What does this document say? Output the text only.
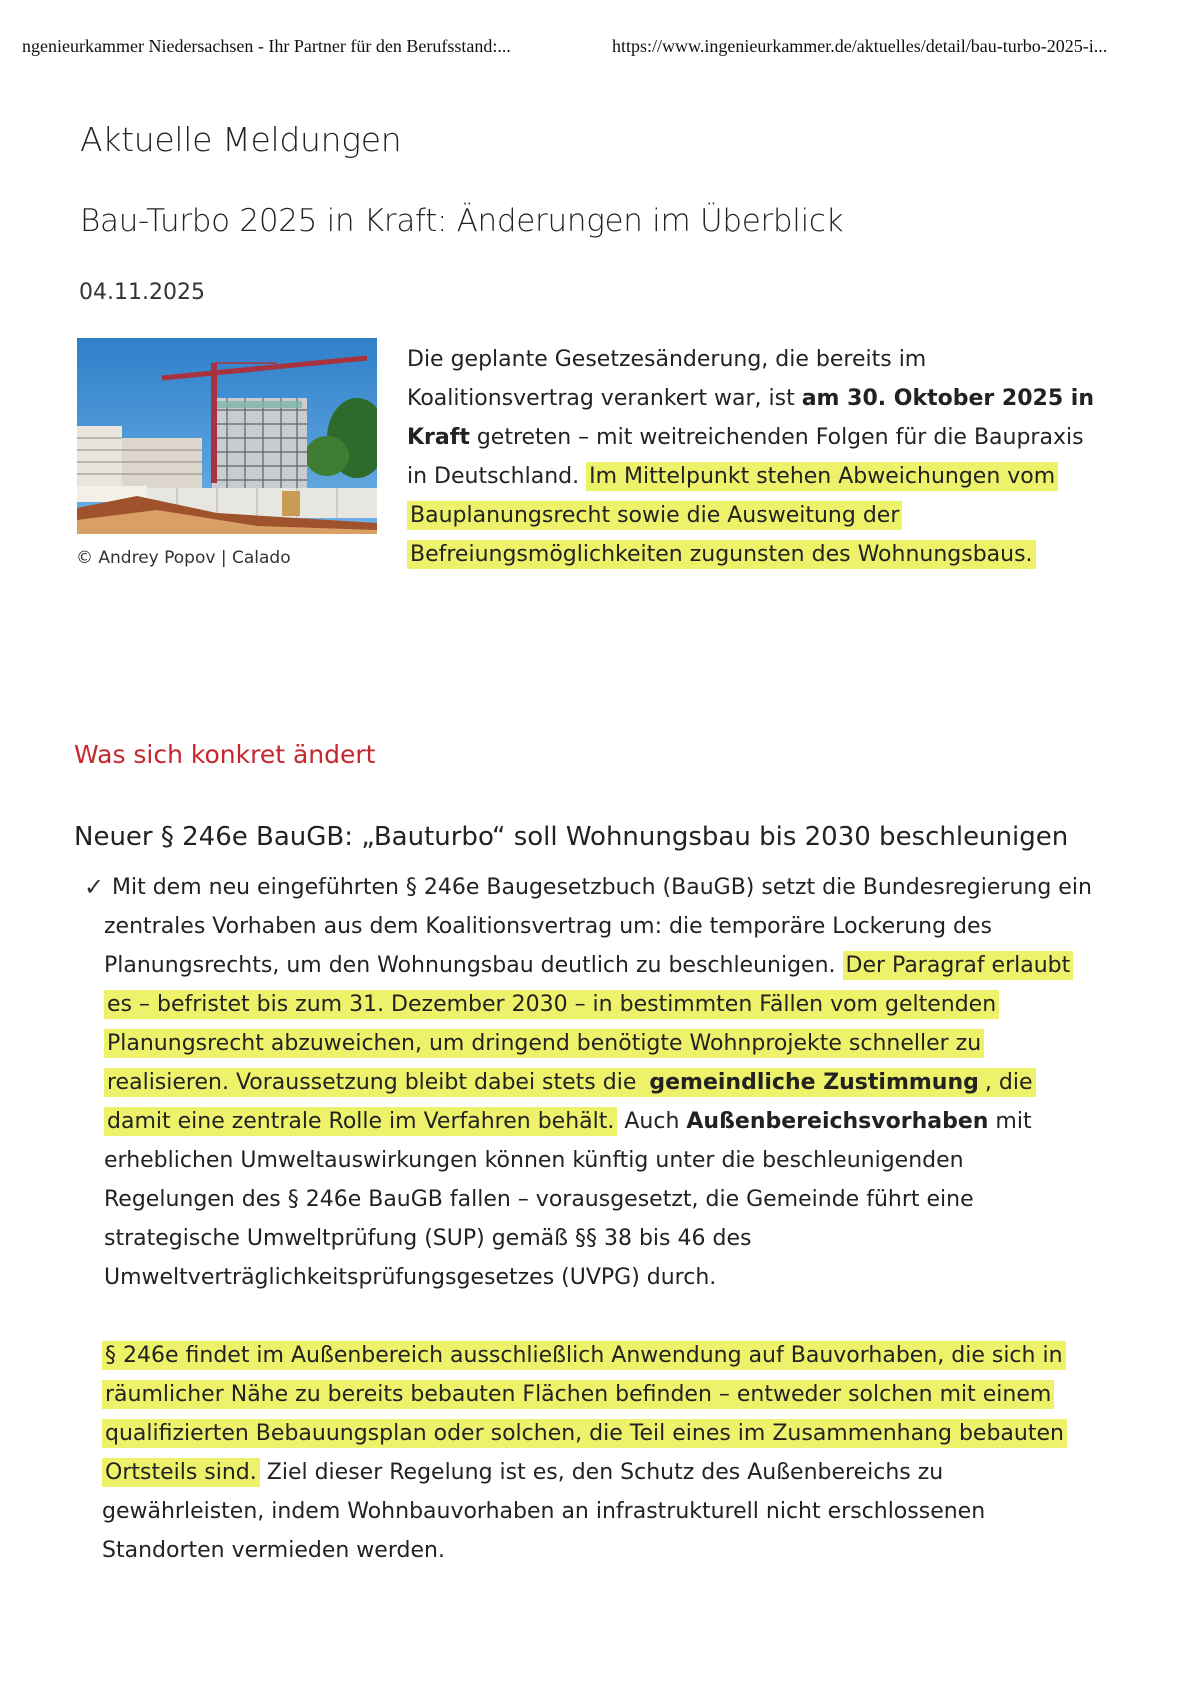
ngenieurkammer Niedersachsen - Ihr Partner für den Berufsstand:...	https://www.ingenieurkammer.de/aktuelles/detail/bau-turbo-2025-i...
Aktuelle Meldungen
Bau-Turbo 2025 in Kraft: Änderungen im Überblick
04.11.2025
© Andrey Popov | Calado

Die geplante Gesetzesänderung, die bereits im Koalitionsvertrag verankert war, ist am 30. Oktober 2025 in Kraft getreten – mit weitreichenden Folgen für die Baupraxis in Deutschland. Im Mittelpunkt stehen Abweichungen vom Bauplanungsrecht sowie die Ausweitung der Befreiungsmöglichkeiten zugunsten des Wohnungsbaus.

Was sich konkret ändert
Neuer § 246e BauGB: „Bauturbo“ soll Wohnungsbau bis 2030 beschleunigen
✓ Mit dem neu eingeführten § 246e Baugesetzbuch (BauGB) setzt die Bundesregierung ein zentrales Vorhaben aus dem Koalitionsvertrag um: die temporäre Lockerung des Planungsrechts, um den Wohnungsbau deutlich zu beschleunigen. Der Paragraf erlaubt es – befristet bis zum 31. Dezember 2030 – in bestimmten Fällen vom geltenden Planungsrecht abzuweichen, um dringend benötigte Wohnprojekte schneller zu realisieren. Voraussetzung bleibt dabei stets die gemeindliche Zustimmung , die damit eine zentrale Rolle im Verfahren behält. Auch Außenbereichsvorhaben mit erheblichen Umweltauswirkungen können künftig unter die beschleunigenden Regelungen des § 246e BauGB fallen – vorausgesetzt, die Gemeinde führt eine strategische Umweltprüfung (SUP) gemäß §§ 38 bis 46 des Umweltverträglichkeitsprüfungsgesetzes (UVPG) durch.

§ 246e findet im Außenbereich ausschließlich Anwendung auf Bauvorhaben, die sich in räumlicher Nähe zu bereits bebauten Flächen befinden – entweder solchen mit einem qualifizierten Bebauungsplan oder solchen, die Teil eines im Zusammenhang bebauten Ortsteils sind. Ziel dieser Regelung ist es, den Schutz des Außenbereichs zu gewährleisten, indem Wohnbauvorhaben an infrastrukturell nicht erschlossenen Standorten vermieden werden.
